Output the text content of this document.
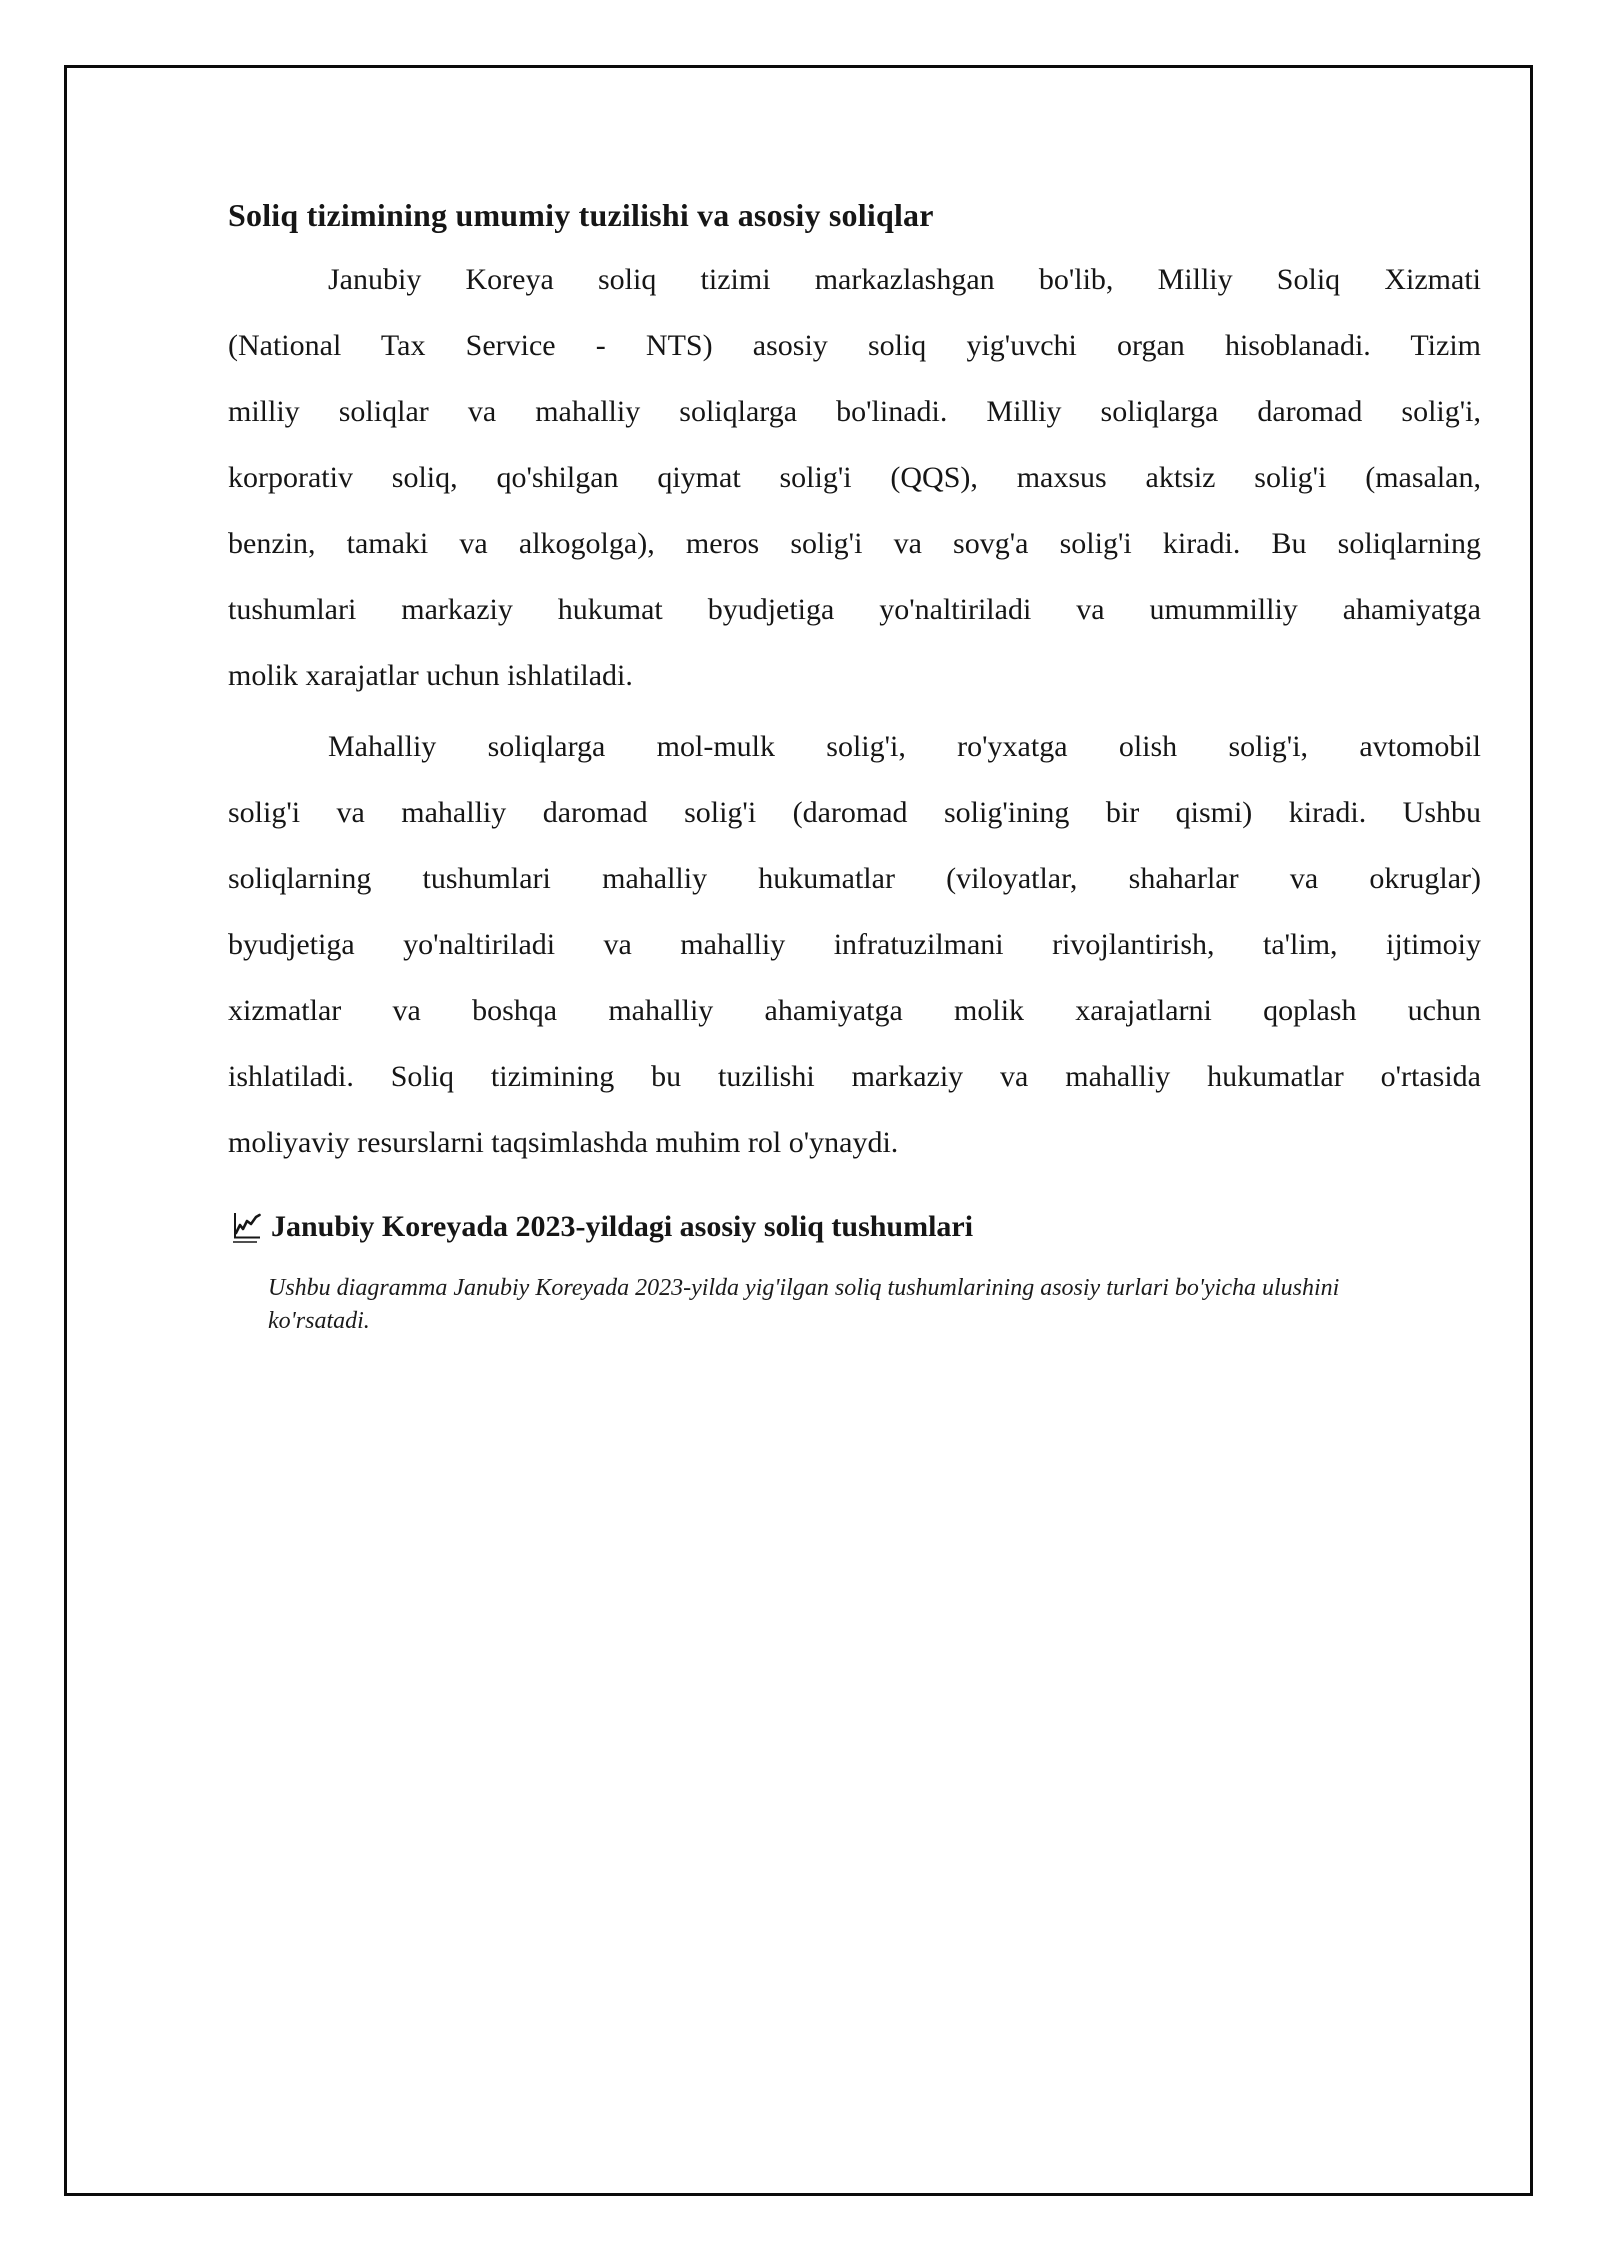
Soliq tizimining umumiy tuzilishi va asosiy soliqlar
Janubiy Koreya soliq tizimi markazlashgan bo'lib, Milliy Soliq Xizmati
(National Tax Service - NTS) asosiy soliq yig'uvchi organ hisoblanadi. Tizim
milliy soliqlar va mahalliy soliqlarga bo'linadi. Milliy soliqlarga daromad solig'i,
korporativ soliq, qo'shilgan qiymat solig'i (QQS), maxsus aktsiz solig'i (masalan,
benzin, tamaki va alkogolga), meros solig'i va sovg'a solig'i kiradi. Bu soliqlarning
tushumlari markaziy hukumat byudjetiga yo'naltiriladi va umummilliy ahamiyatga
molik xarajatlar uchun ishlatiladi.
Mahalliy soliqlarga mol-mulk solig'i, ro'yxatga olish solig'i, avtomobil
solig'i va mahalliy daromad solig'i (daromad solig'ining bir qismi) kiradi. Ushbu
soliqlarning tushumlari mahalliy hukumatlar (viloyatlar, shaharlar va okruglar)
byudjetiga yo'naltiriladi va mahalliy infratuzilmani rivojlantirish, ta'lim, ijtimoiy
xizmatlar va boshqa mahalliy ahamiyatga molik xarajatlarni qoplash uchun
ishlatiladi. Soliq tizimining bu tuzilishi markaziy va mahalliy hukumatlar o'rtasida
moliyaviy resurslarni taqsimlashda muhim rol o'ynaydi.
Janubiy Koreyada 2023-yildagi asosiy soliq tushumlari
Ushbu diagramma Janubiy Koreyada 2023-yilda yig'ilgan soliq tushumlarining asosiy turlari bo'yicha ulushini
ko'rsatadi.
